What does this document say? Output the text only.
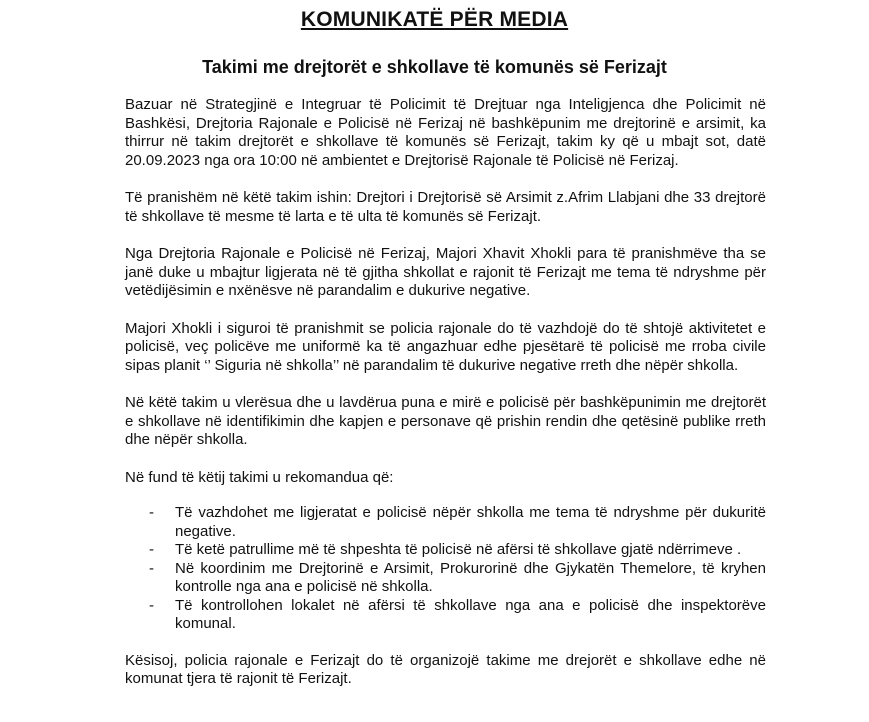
KOMUNIKATË PËR MEDIA
Takimi me drejtorët e shkollave të komunës së Ferizajt

Bazuar në Strategjinë e Integruar të Policimit të Drejtuar nga Inteligjenca dhe Policimit në Bashkësi, Drejtoria Rajonale e Policisë në Ferizaj në bashkëpunim me drejtorinë e arsimit, ka thirrur në takim drejtorët e shkollave të komunës së Ferizajt, takim ky që u mbajt sot, datë 20.09.2023 nga ora 10:00 në ambientet e Drejtorisë Rajonale të Policisë në Ferizaj.

Të pranishëm në këtë takim ishin: Drejtori i Drejtorisë së Arsimit z.Afrim Llabjani dhe 33 drejtorë të shkollave të mesme të larta e të ulta të komunës së Ferizajt.

Nga Drejtoria Rajonale e Policisë në Ferizaj, Majori Xhavit Xhokli para të pranishmëve tha se janë duke u mbajtur ligjerata në të gjitha shkollat e rajonit të Ferizajt me tema të ndryshme për vetëdijësimin e nxënësve në parandalim e dukurive negative.

Majori Xhokli i siguroi të pranishmit se policia rajonale do të vazhdojë do të shtojë aktivitetet e policisë, veç policëve me uniformë ka të angazhuar edhe pjesëtarë të policisë me rroba civile sipas planit ‘’ Siguria në shkolla’’ në parandalim të dukurive negative rreth dhe nëpër shkolla.

Në këtë takim u vlerësua dhe u lavdërua puna e mirë e policisë për bashkëpunimin me drejtorët e shkollave në identifikimin dhe kapjen e personave që prishin rendin dhe qetësinë publike rreth dhe nëpër shkolla.

Në fund të këtij takimi u rekomandua që:

- Të vazhdohet me ligjeratat e policisë nëpër shkolla me tema të ndryshme për dukuritë negative.
- Të ketë patrullime më të shpeshta të policisë në afërsi të shkollave gjatë ndërrimeve .
- Në koordinim me Drejtorinë e Arsimit, Prokurorinë dhe Gjykatën Themelore, të kryhen kontrolle nga ana e policisë në shkolla.
- Të kontrollohen lokalet në afërsi të shkollave nga ana e policisë dhe inspektorëve komunal.

Kësisoj, policia rajonale e Ferizajt do të organizojë takime me drejorët e shkollave edhe në komunat tjera të rajonit të Ferizajt.
